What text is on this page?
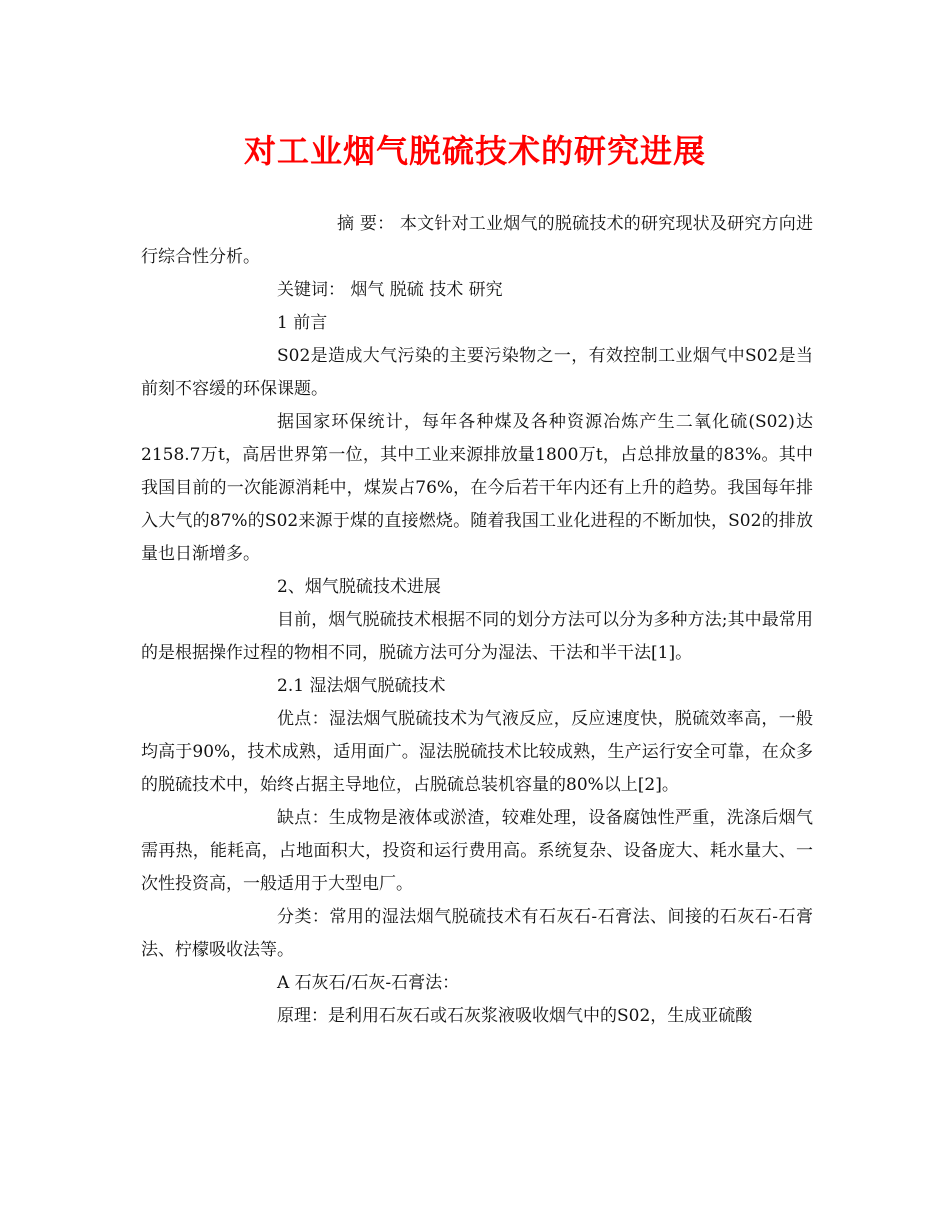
对工业烟气脱硫技术的研究进展

摘 要： 本文针对工业烟气的脱硫技术的研究现状及研究方向进行综合性分析。

关键词： 烟气 脱硫 技术 研究

1 前言

S02是造成大气污染的主要污染物之一，有效控制工业烟气中S02是当前刻不容缓的环保课题。

据国家环保统计，每年各种煤及各种资源冶炼产生二氧化硫(S02)达2158.7万t，高居世界第一位，其中工业来源排放量1800万t，占总排放量的83%。其中我国目前的一次能源消耗中，煤炭占76%，在今后若干年内还有上升的趋势。我国每年排入大气的87%的S02来源于煤的直接燃烧。随着我国工业化进程的不断加快，S02的排放量也日渐增多。

2、烟气脱硫技术进展

目前，烟气脱硫技术根据不同的划分方法可以分为多种方法;其中最常用的是根据操作过程的物相不同，脱硫方法可分为湿法、干法和半干法[1]。

2.1 湿法烟气脱硫技术

优点：湿法烟气脱硫技术为气液反应，反应速度快，脱硫效率高，一般均高于90%，技术成熟，适用面广。湿法脱硫技术比较成熟，生产运行安全可靠，在众多的脱硫技术中，始终占据主导地位，占脱硫总装机容量的80%以上[2]。

缺点：生成物是液体或淤渣，较难处理，设备腐蚀性严重，洗涤后烟气需再热，能耗高，占地面积大，投资和运行费用高。系统复杂、设备庞大、耗水量大、一次性投资高，一般适用于大型电厂。

分类：常用的湿法烟气脱硫技术有石灰石-石膏法、间接的石灰石-石膏法、柠檬吸收法等。

A 石灰石/石灰-石膏法：

原理：是利用石灰石或石灰浆液吸收烟气中的S02，生成亚硫酸
